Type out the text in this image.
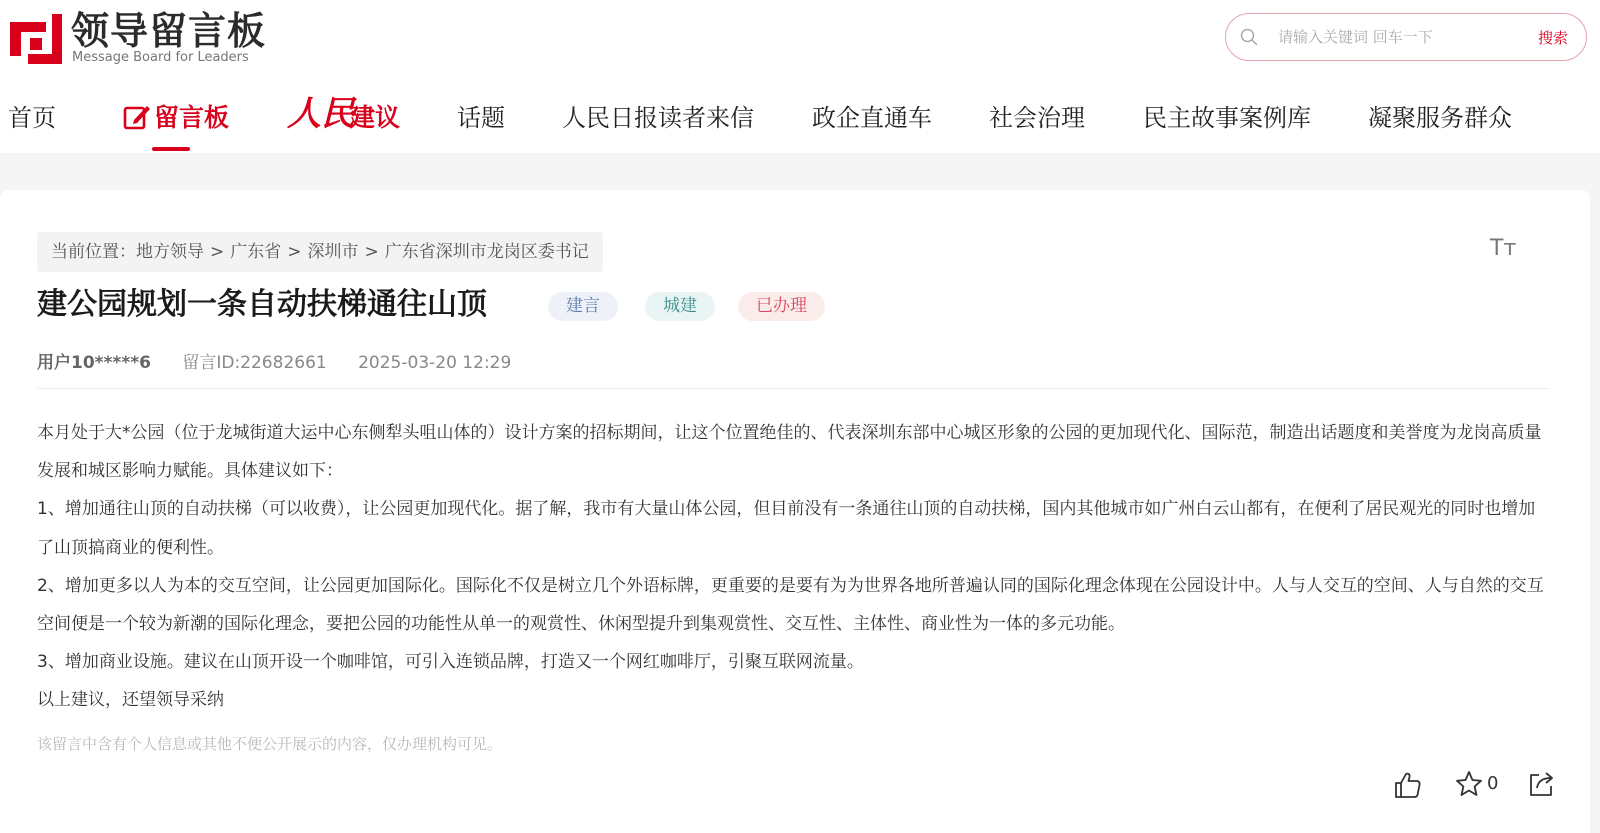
领导留言板
Message Board for Leaders
请输入关键词 回车一下
搜索
首页	留言板	话题 人民日报读者来信 政企直通车 社会治理 民主故事案例库 凝聚服务群众
人民
建议
当前位置：地方领导 > 广东省 > 深圳市 > 广东省深圳市龙岗区委书记	Tт
建公园规划一条自动扶梯通往山顶	建言	城建	已办理
用户10*****6 留言ID:22682661 2025-03-20 12:29

本月处于大*公园（位于龙城街道大运中心东侧犁头咀山体的）设计方案的招标期间，让这个位置绝佳的、代表深圳东部中心城区形象的公园的更加现代化、国际范，制造出话题度和美誉度为龙岗高质量发展和城区影响力赋能。具体建议如下：

1、增加通往山顶的自动扶梯（可以收费），让公园更加现代化。据了解，我市有大量山体公园，但目前没有一条通往山顶的自动扶梯，国内其他城市如广州白云山都有，在便利了居民观光的同时也增加了山顶搞商业的便利性。

2、增加更多以人为本的交互空间，让公园更加国际化。国际化不仅是树立几个外语标牌，更重要的是要有为为世界各地所普遍认同的国际化理念体现在公园设计中。人与人交互的空间、人与自然的交互空间便是一个较为新潮的国际化理念，要把公园的功能性从单一的观赏性、休闲型提升到集观赏性、交互性、主体性、商业性为一体的多元功能。

3、增加商业设施。建议在山顶开设一个咖啡馆，可引入连锁品牌，打造又一个网红咖啡厅，引聚互联网流量。

以上建议，还望领导采纳

该留言中含有个人信息或其他不便公开展示的内容，仅办理机构可见。
0
